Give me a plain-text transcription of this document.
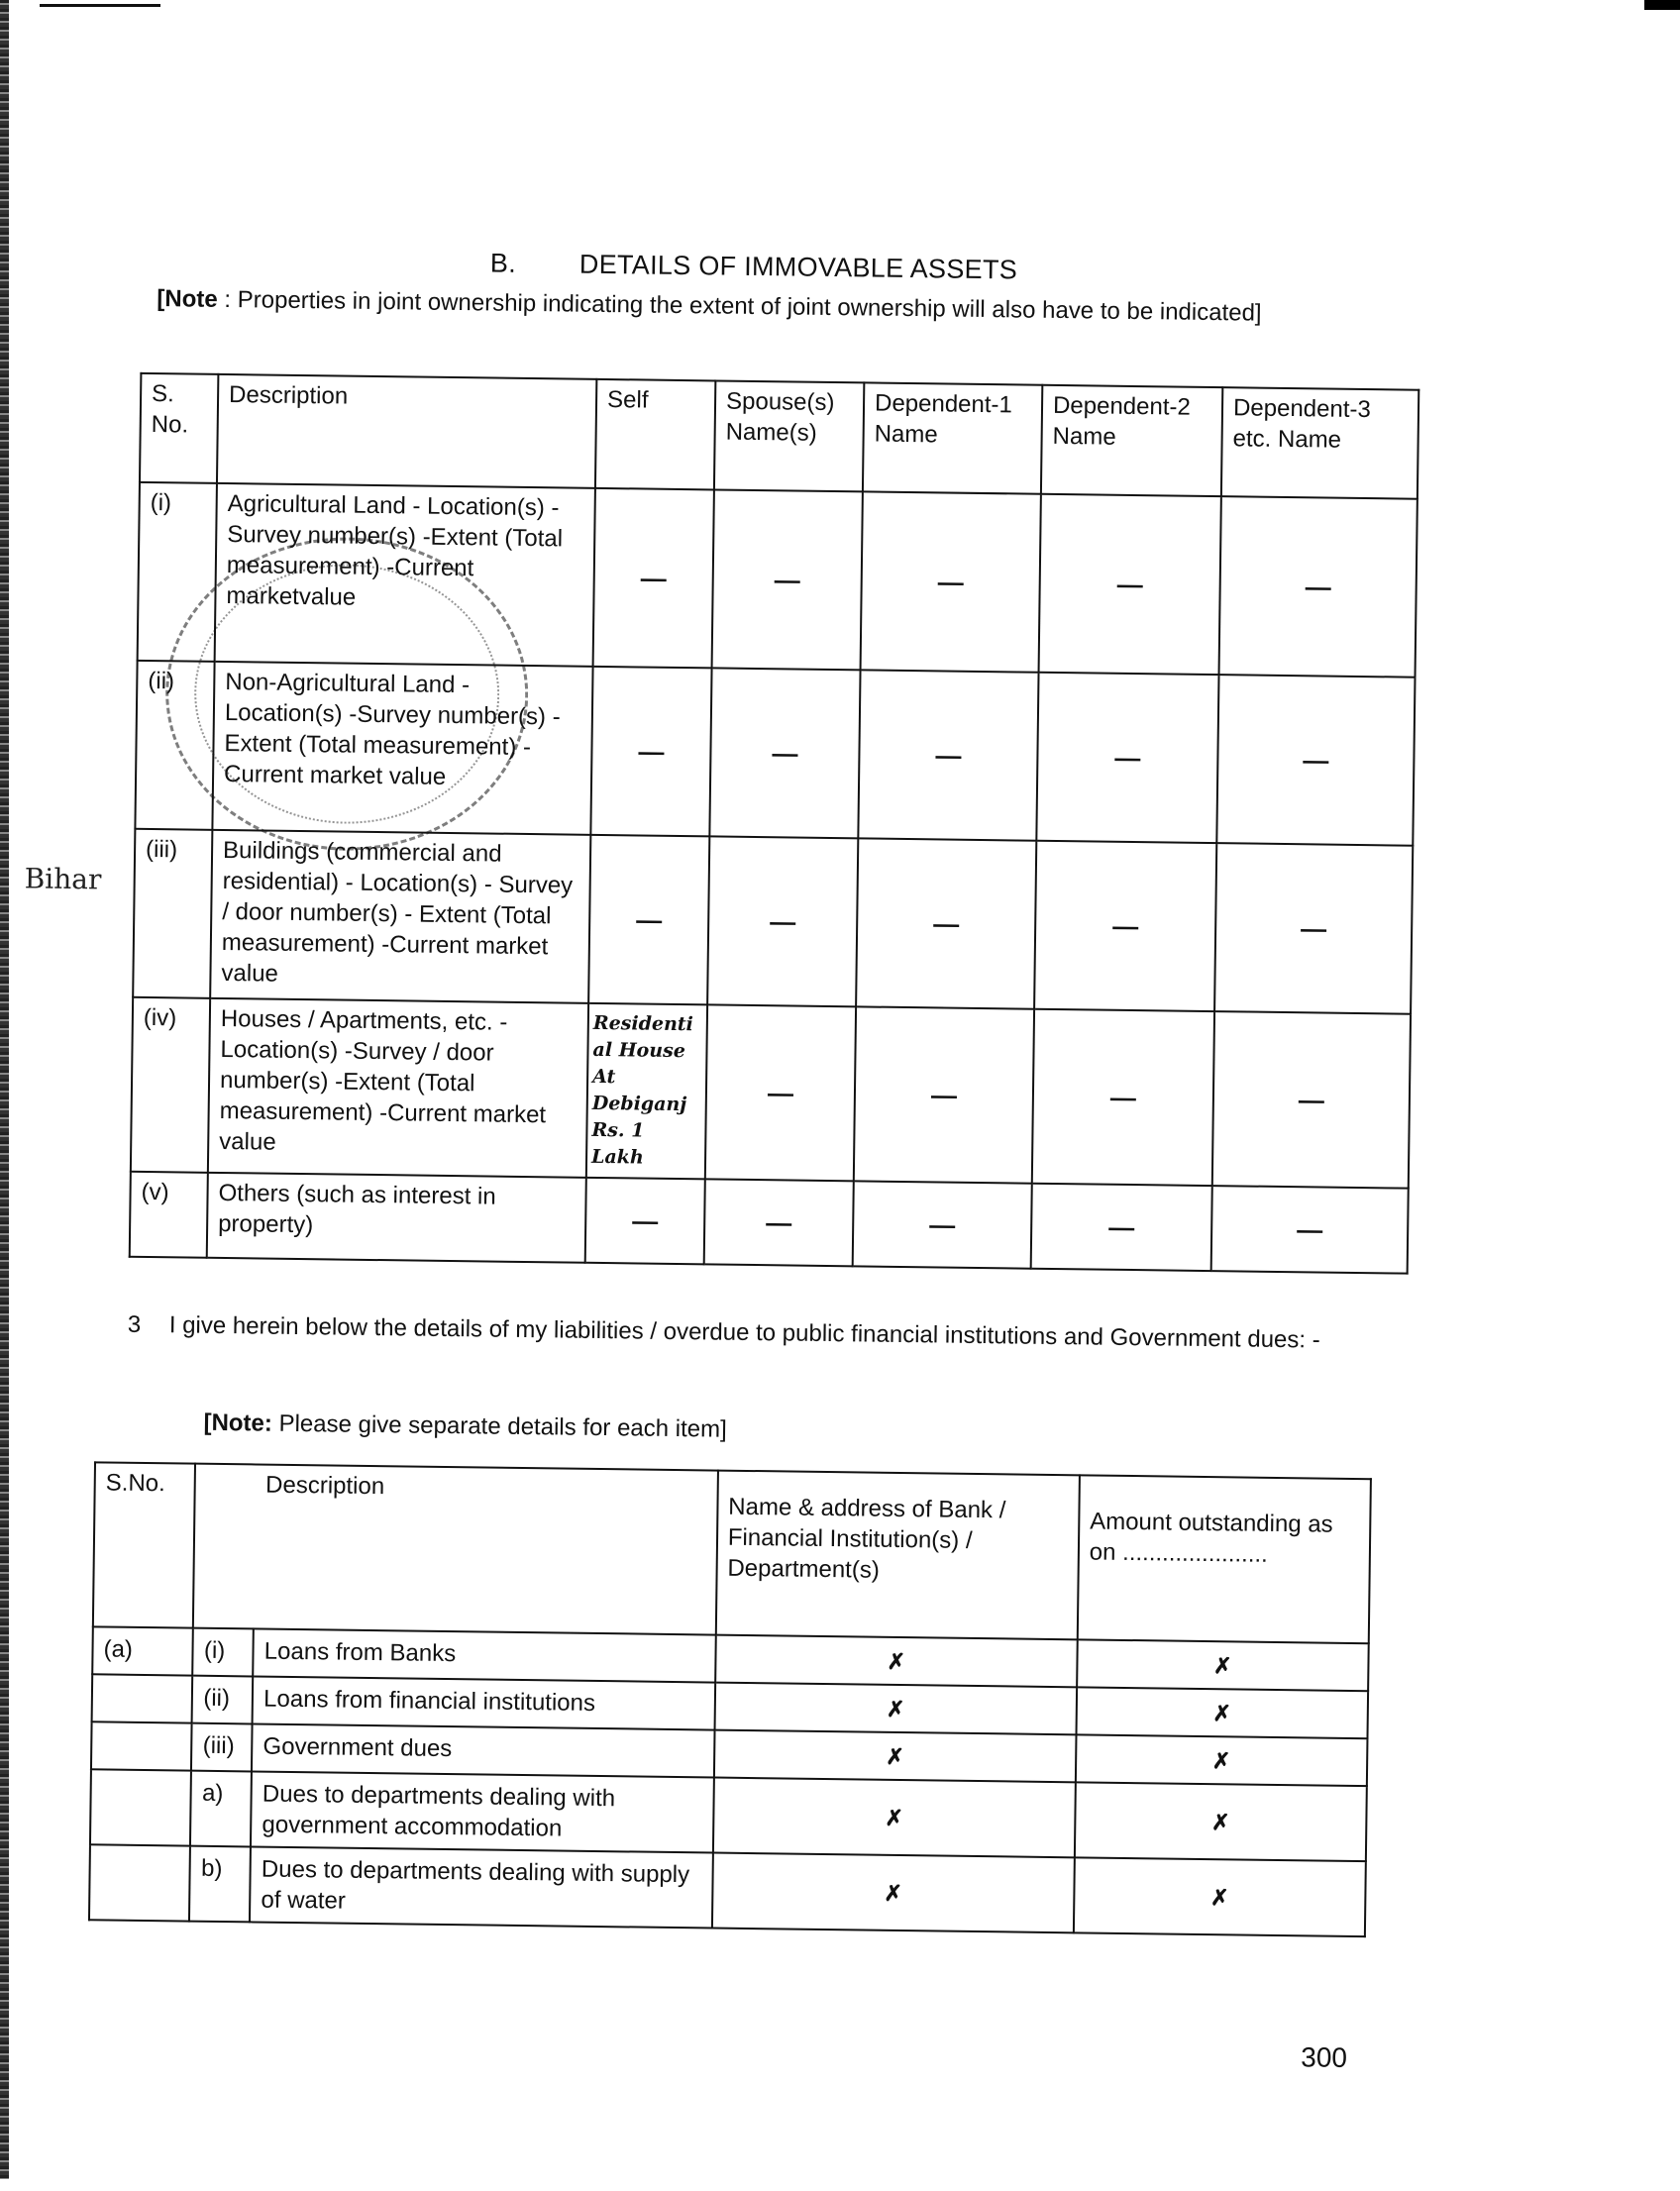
B. DETAILS OF IMMOVABLE ASSETS
[Note : Properties in joint ownership indicating the extent of joint ownership will also have to be indicated]
S. No.	Description	Self	Spouse(s) Name(s)	Dependent-1 Name	Dependent-2 Name	Dependent-3 etc. Name
(i)	Agricultural Land - Location(s) -Survey number(s) -Extent (Total measurement) -Current marketvalue	—	—	—	—	—
(ii)	Non-Agricultural Land - Location(s) -Survey number(s) -Extent (Total measurement) -Current market value	—	—	—	—	—
(iii)	Buildings (commercial and residential) - Location(s) - Survey / door number(s) - Extent (Total measurement) -Current market value	—	—	—	—	—
(iv)	Houses / Apartments, etc. - Location(s) -Survey / door number(s) -Extent (Total measurement) -Current market value	Residential House At Debiganj Rs. 1 Lakh	—	—	—	—
(v)	Others (such as interest in property)	—	—	—	—	—
Bihar
3 I give herein below the details of my liabilities / overdue to public financial institutions and Government dues: -
[Note: Please give separate details for each item]
S.No.	Description		Name & address of Bank / Financial Institution(s) / Department(s)	Amount outstanding as on ......................
(a)	(i)	Loans from Banks	✗	✗
	(ii)	Loans from financial institutions	✗	✗
	(iii)	Government dues	✗	✗
	a)	Dues to departments dealing with government accommodation	✗	✗
	b)	Dues to departments dealing with supply of water	✗	✗
300
